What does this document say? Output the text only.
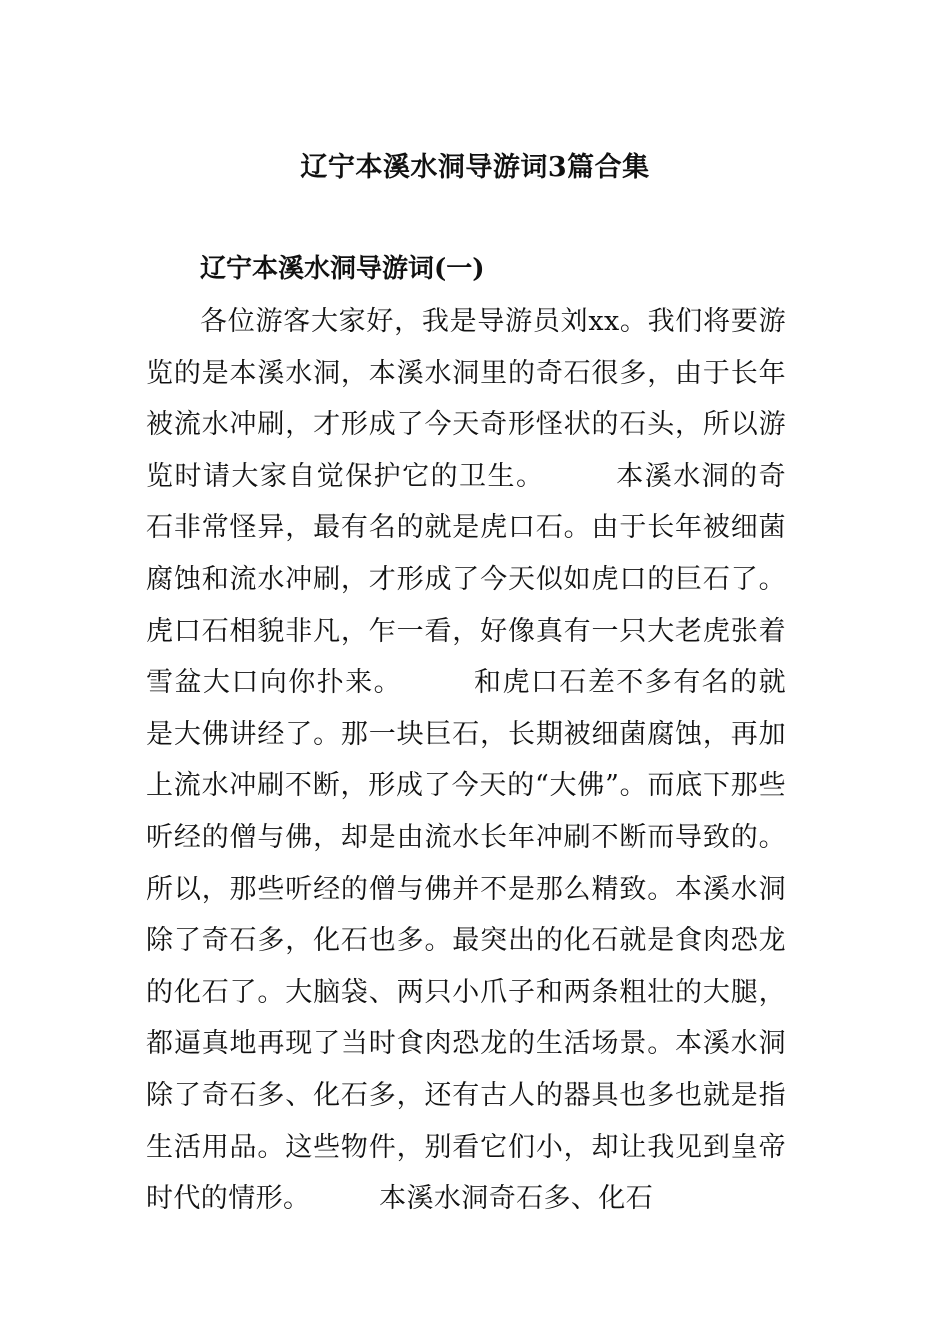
辽宁本溪水洞导游词3篇合集
辽宁本溪水洞导游词(一)

各位游客大家好，我是导游员刘xx。我们将要游览的是本溪水洞，本溪水洞里的奇石很多，由于长年被流水冲刷，才形成了今天奇形怪状的石头，所以游览时请大家自觉保护它的卫生。　　　本溪水洞的奇石非常怪异，最有名的就是虎口石。由于长年被细菌腐蚀和流水冲刷，才形成了今天似如虎口的巨石了。虎口石相貌非凡，乍一看，好像真有一只大老虎张着雪盆大口向你扑来。　　　和虎口石差不多有名的就是大佛讲经了。那一块巨石，长期被细菌腐蚀，再加上流水冲刷不断，形成了今天的“大佛”。而底下那些听经的僧与佛，却是由流水长年冲刷不断而导致的。所以，那些听经的僧与佛并不是那么精致。本溪水洞除了奇石多，化石也多。最突出的化石就是食肉恐龙的化石了。大脑袋、两只小爪子和两条粗壮的大腿，都逼真地再现了当时食肉恐龙的生活场景。本溪水洞除了奇石多、化石多，还有古人的器具也多也就是指生活用品。这些物件，别看它们小，却让我见到皇帝时代的情形。　　　本溪水洞奇石多、化石
